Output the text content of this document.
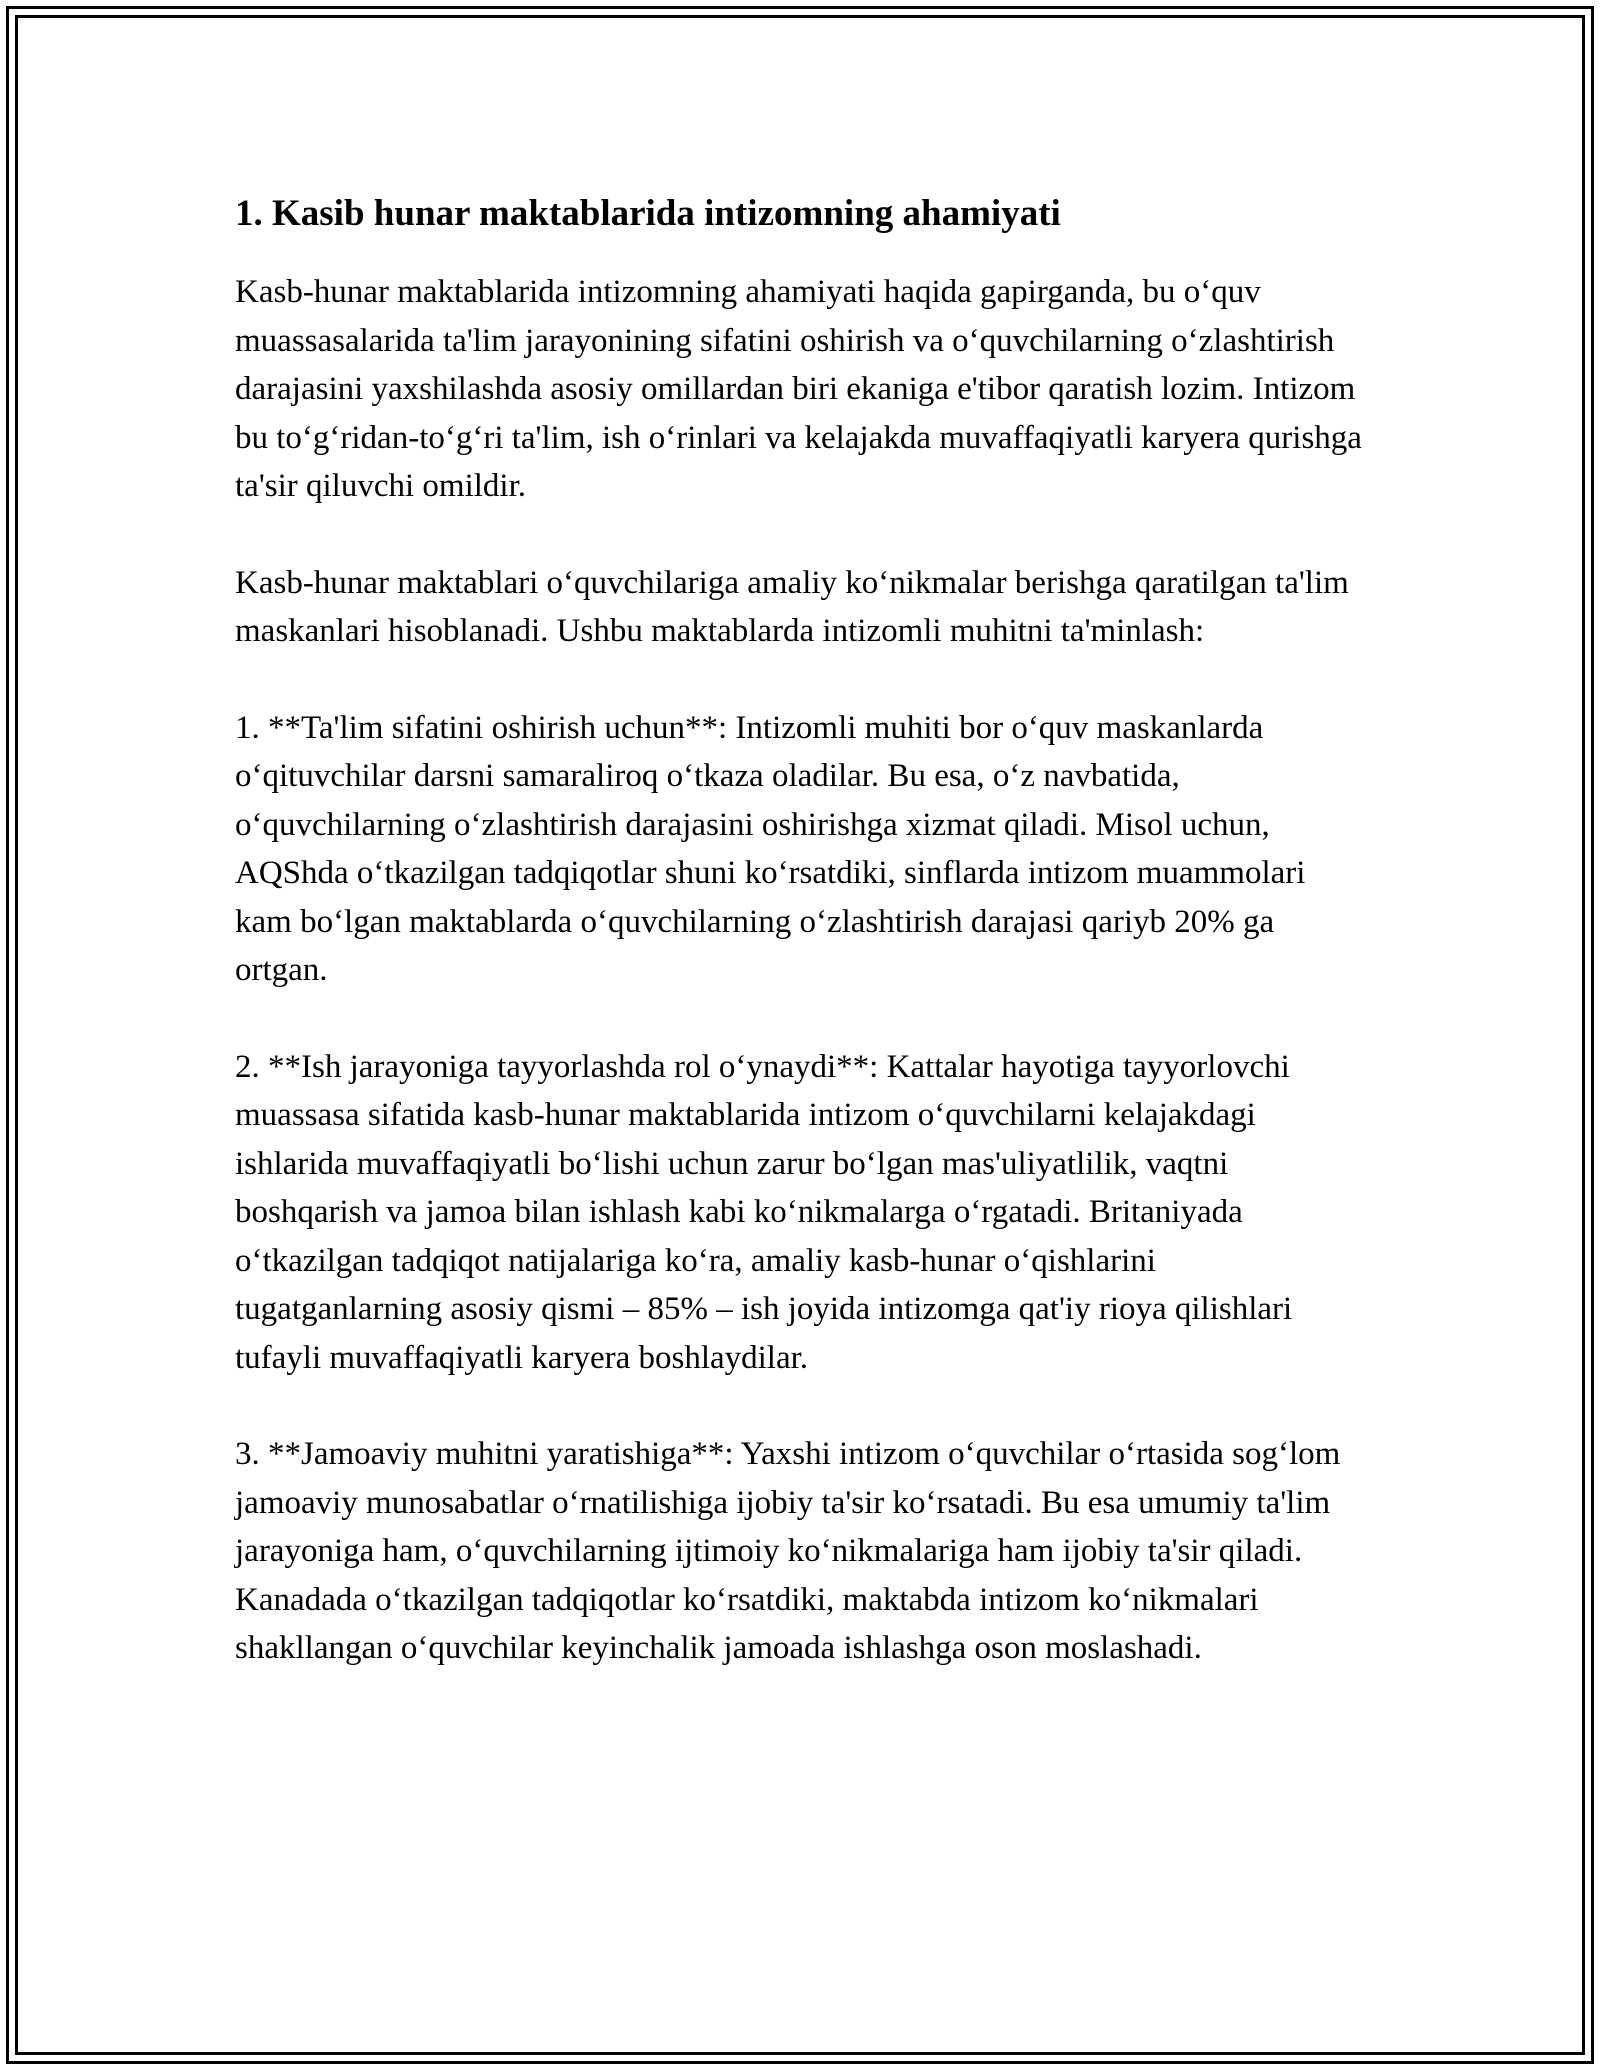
1. Kasib hunar maktablarida intizomning ahamiyati

Kasb-hunar maktablarida intizomning ahamiyati haqida gapirganda, bu o‘quv muassasalarida ta'lim jarayonining sifatini oshirish va o‘quvchilarning o‘zlashtirish darajasini yaxshilashda asosiy omillardan biri ekaniga e'tibor qaratish lozim. Intizom bu to‘g‘ridan-to‘g‘ri ta'lim, ish o‘rinlari va kelajakda muvaffaqiyatli karyera qurishga ta'sir qiluvchi omildir.

Kasb-hunar maktablari o‘quvchilariga amaliy ko‘nikmalar berishga qaratilgan ta'lim maskanlari hisoblanadi. Ushbu maktablarda intizomli muhitni ta'minlash:

1. **Ta'lim sifatini oshirish uchun**: Intizomli muhiti bor o‘quv maskanlarda o‘qituvchilar darsni samaraliroq o‘tkaza oladilar. Bu esa, o‘z navbatida, o‘quvchilarning o‘zlashtirish darajasini oshirishga xizmat qiladi. Misol uchun, AQShda o‘tkazilgan tadqiqotlar shuni ko‘rsatdiki, sinflarda intizom muammolari kam bo‘lgan maktablarda o‘quvchilarning o‘zlashtirish darajasi qariyb 20% ga ortgan.

2. **Ish jarayoniga tayyorlashda rol o‘ynaydi**: Kattalar hayotiga tayyorlovchi muassasa sifatida kasb-hunar maktablarida intizom o‘quvchilarni kelajakdagi ishlarida muvaffaqiyatli bo‘lishi uchun zarur bo‘lgan mas'uliyatlilik, vaqtni boshqarish va jamoa bilan ishlash kabi ko‘nikmalarga o‘rgatadi. Britaniyada o‘tkazilgan tadqiqot natijalariga ko‘ra, amaliy kasb-hunar o‘qishlarini tugatganlarning asosiy qismi – 85% – ish joyida intizomga qat'iy rioya qilishlari tufayli muvaffaqiyatli karyera boshlaydilar.

3. **Jamoaviy muhitni yaratishiga**: Yaxshi intizom o‘quvchilar o‘rtasida sog‘lom jamoaviy munosabatlar o‘rnatilishiga ijobiy ta'sir ko‘rsatadi. Bu esa umumiy ta'lim jarayoniga ham, o‘quvchilarning ijtimoiy ko‘nikmalariga ham ijobiy ta'sir qiladi. Kanadada o‘tkazilgan tadqiqotlar ko‘rsatdiki, maktabda intizom ko‘nikmalari shakllangan o‘quvchilar keyinchalik jamoada ishlashga oson moslashadi.
